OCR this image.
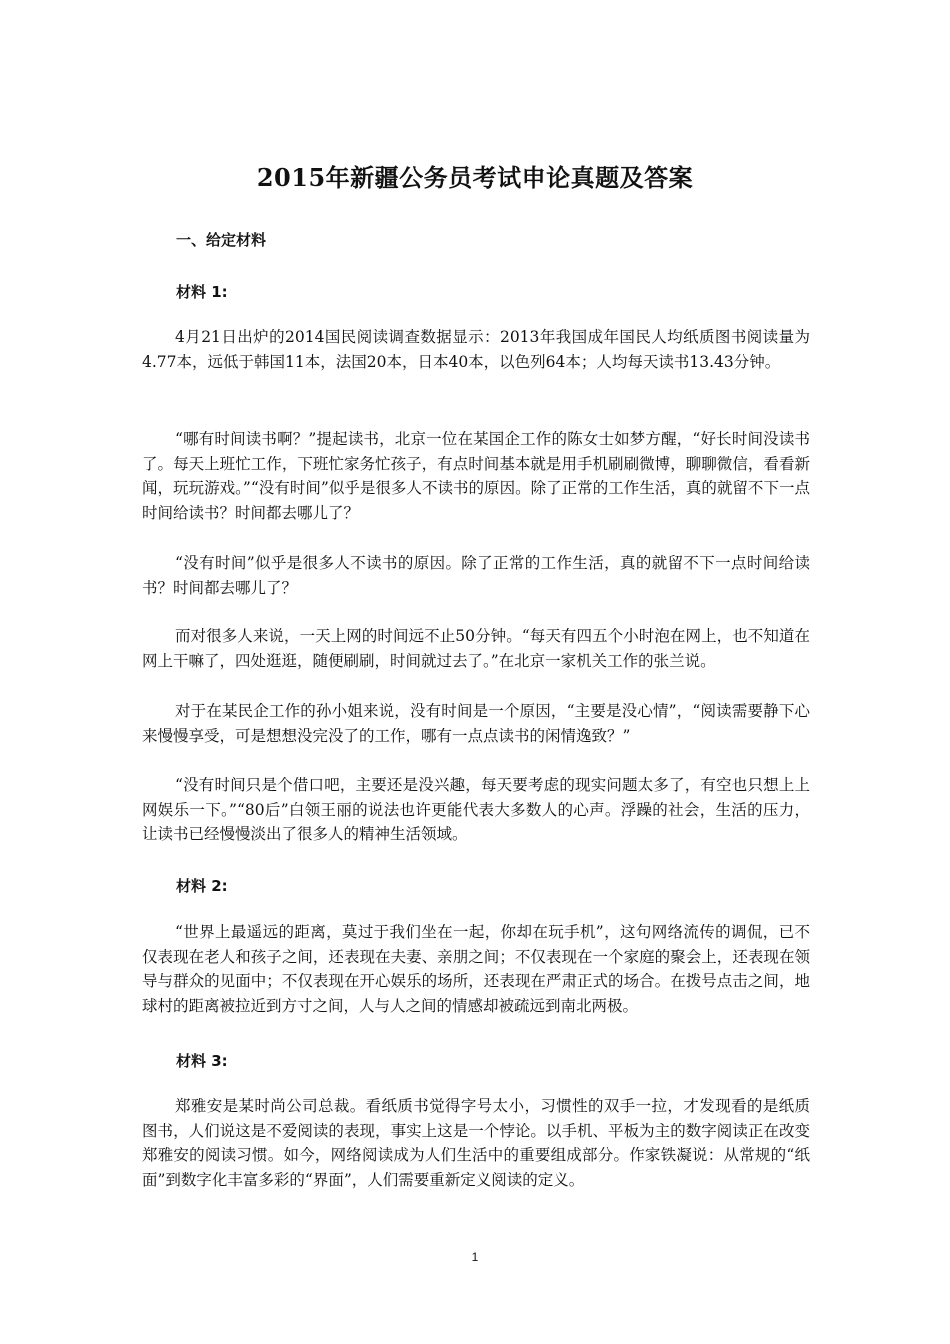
2015年新疆公务员考试申论真题及答案
一、给定材料
材料 1:

4月21日出炉的2014国民阅读调查数据显示：2013年我国成年国民人均纸质图书阅读量为4.77本，远低于韩国11本，法国20本，日本40本，以色列64本；人均每天读书13.43分钟。

“哪有时间读书啊？”提起读书，北京一位在某国企工作的陈女士如梦方醒，“好长时间没读书了。每天上班忙工作，下班忙家务忙孩子，有点时间基本就是用手机刷刷微博，聊聊微信，看看新闻，玩玩游戏。”“没有时间”似乎是很多人不读书的原因。除了正常的工作生活，真的就留不下一点时间给读书？时间都去哪儿了？

“没有时间”似乎是很多人不读书的原因。除了正常的工作生活，真的就留不下一点时间给读书？时间都去哪儿了？

而对很多人来说，一天上网的时间远不止50分钟。“每天有四五个小时泡在网上，也不知道在网上干嘛了，四处逛逛，随便刷刷，时间就过去了。”在北京一家机关工作的张兰说。

对于在某民企工作的孙小姐来说，没有时间是一个原因，“主要是没心情”，“阅读需要静下心来慢慢享受，可是想想没完没了的工作，哪有一点点读书的闲情逸致？”

“没有时间只是个借口吧，主要还是没兴趣，每天要考虑的现实问题太多了，有空也只想上上网娱乐一下。”“80后”白领王丽的说法也许更能代表大多数人的心声。浮躁的社会，生活的压力，让读书已经慢慢淡出了很多人的精神生活领域。

材料 2:

“世界上最遥远的距离，莫过于我们坐在一起，你却在玩手机”，这句网络流传的调侃，已不仅表现在老人和孩子之间，还表现在夫妻、亲朋之间；不仅表现在一个家庭的聚会上，还表现在领导与群众的见面中；不仅表现在开心娱乐的场所，还表现在严肃正式的场合。在拨号点击之间，地球村的距离被拉近到方寸之间，人与人之间的情感却被疏远到南北两极。

材料 3:

郑雅安是某时尚公司总裁。看纸质书觉得字号太小，习惯性的双手一拉，才发现看的是纸质图书，人们说这是不爱阅读的表现，事实上这是一个悖论。以手机、平板为主的数字阅读正在改变郑雅安的阅读习惯。如今，网络阅读成为人们生活中的重要组成部分。作家铁凝说：从常规的“纸面”到数字化丰富多彩的“界面”，人们需要重新定义阅读的定义。

1
